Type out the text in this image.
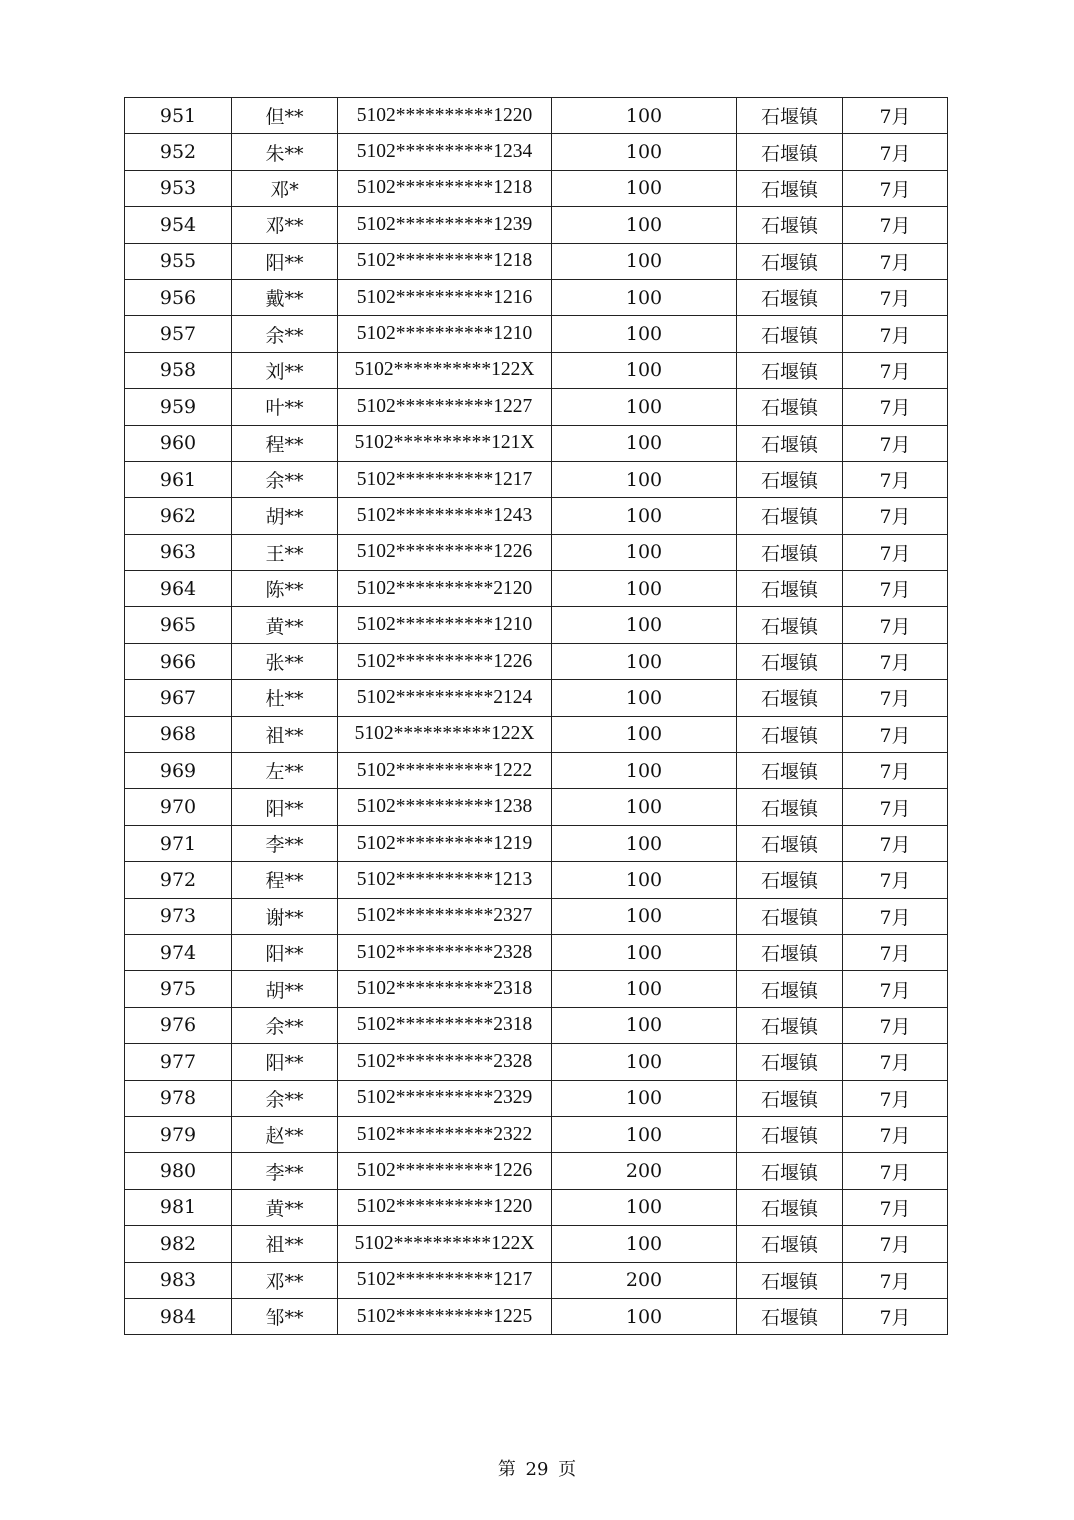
951	但**	5102**********1220	100	石堰镇	7月
952	朱**	5102**********1234	100	石堰镇	7月
953	邓*	5102**********1218	100	石堰镇	7月
954	邓**	5102**********1239	100	石堰镇	7月
955	阳**	5102**********1218	100	石堰镇	7月
956	戴**	5102**********1216	100	石堰镇	7月
957	余**	5102**********1210	100	石堰镇	7月
958	刘**	5102**********122X	100	石堰镇	7月
959	叶**	5102**********1227	100	石堰镇	7月
960	程**	5102**********121X	100	石堰镇	7月
961	余**	5102**********1217	100	石堰镇	7月
962	胡**	5102**********1243	100	石堰镇	7月
963	王**	5102**********1226	100	石堰镇	7月
964	陈**	5102**********2120	100	石堰镇	7月
965	黄**	5102**********1210	100	石堰镇	7月
966	张**	5102**********1226	100	石堰镇	7月
967	杜**	5102**********2124	100	石堰镇	7月
968	祖**	5102**********122X	100	石堰镇	7月
969	左**	5102**********1222	100	石堰镇	7月
970	阳**	5102**********1238	100	石堰镇	7月
971	李**	5102**********1219	100	石堰镇	7月
972	程**	5102**********1213	100	石堰镇	7月
973	谢**	5102**********2327	100	石堰镇	7月
974	阳**	5102**********2328	100	石堰镇	7月
975	胡**	5102**********2318	100	石堰镇	7月
976	余**	5102**********2318	100	石堰镇	7月
977	阳**	5102**********2328	100	石堰镇	7月
978	余**	5102**********2329	100	石堰镇	7月
979	赵**	5102**********2322	100	石堰镇	7月
980	李**	5102**********1226	200	石堰镇	7月
981	黄**	5102**********1220	100	石堰镇	7月
982	祖**	5102**********122X	100	石堰镇	7月
983	邓**	5102**********1217	200	石堰镇	7月
984	邹**	5102**********1225	100	石堰镇	7月
第 29 页
